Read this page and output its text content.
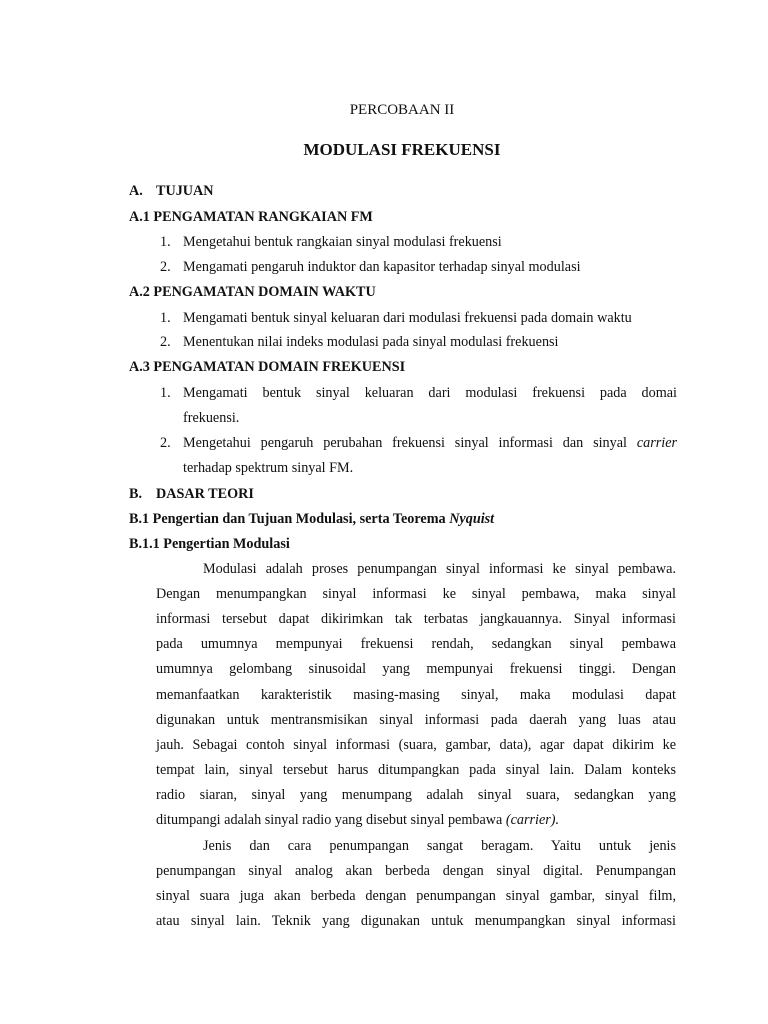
PERCOBAAN II
MODULASI FREKUENSI
A. TUJUAN
A.1 PENGAMATAN RANGKAIAN FM
1. Mengetahui bentuk rangkaian sinyal modulasi frekuensi
2. Mengamati pengaruh induktor dan kapasitor terhadap sinyal modulasi
A.2 PENGAMATAN DOMAIN WAKTU
1. Mengamati bentuk sinyal keluaran dari modulasi frekuensi pada domain waktu
2. Menentukan nilai indeks modulasi pada sinyal modulasi frekuensi
A.3 PENGAMATAN DOMAIN FREKUENSI
1. Mengamati bentuk sinyal keluaran dari modulasi frekuensi pada domai
frekuensi.
2. Mengetahui pengaruh perubahan frekuensi sinyal informasi dan sinyal carrier
terhadap spektrum sinyal FM.
B. DASAR TEORI
B.1 Pengertian dan Tujuan Modulasi, serta Teorema Nyquist
B.1.1 Pengertian Modulasi
Modulasi adalah proses penumpangan sinyal informasi ke sinyal pembawa.
Dengan menumpangkan sinyal informasi ke sinyal pembawa, maka sinyal
informasi tersebut dapat dikirimkan tak terbatas jangkauannya. Sinyal informasi
pada umumnya mempunyai frekuensi rendah, sedangkan sinyal pembawa
umumnya gelombang sinusoidal yang mempunyai frekuensi tinggi. Dengan
memanfaatkan karakteristik masing-masing sinyal, maka modulasi dapat
digunakan untuk mentransmisikan sinyal informasi pada daerah yang luas atau
jauh. Sebagai contoh sinyal informasi (suara, gambar, data), agar dapat dikirim ke
tempat lain, sinyal tersebut harus ditumpangkan pada sinyal lain. Dalam konteks
radio siaran, sinyal yang menumpang adalah sinyal suara, sedangkan yang
ditumpangi adalah sinyal radio yang disebut sinyal pembawa (carrier).
Jenis dan cara penumpangan sangat beragam. Yaitu untuk jenis
penumpangan sinyal analog akan berbeda dengan sinyal digital. Penumpangan
sinyal suara juga akan berbeda dengan penumpangan sinyal gambar, sinyal film,
atau sinyal lain. Teknik yang digunakan untuk menumpangkan sinyal informasi
